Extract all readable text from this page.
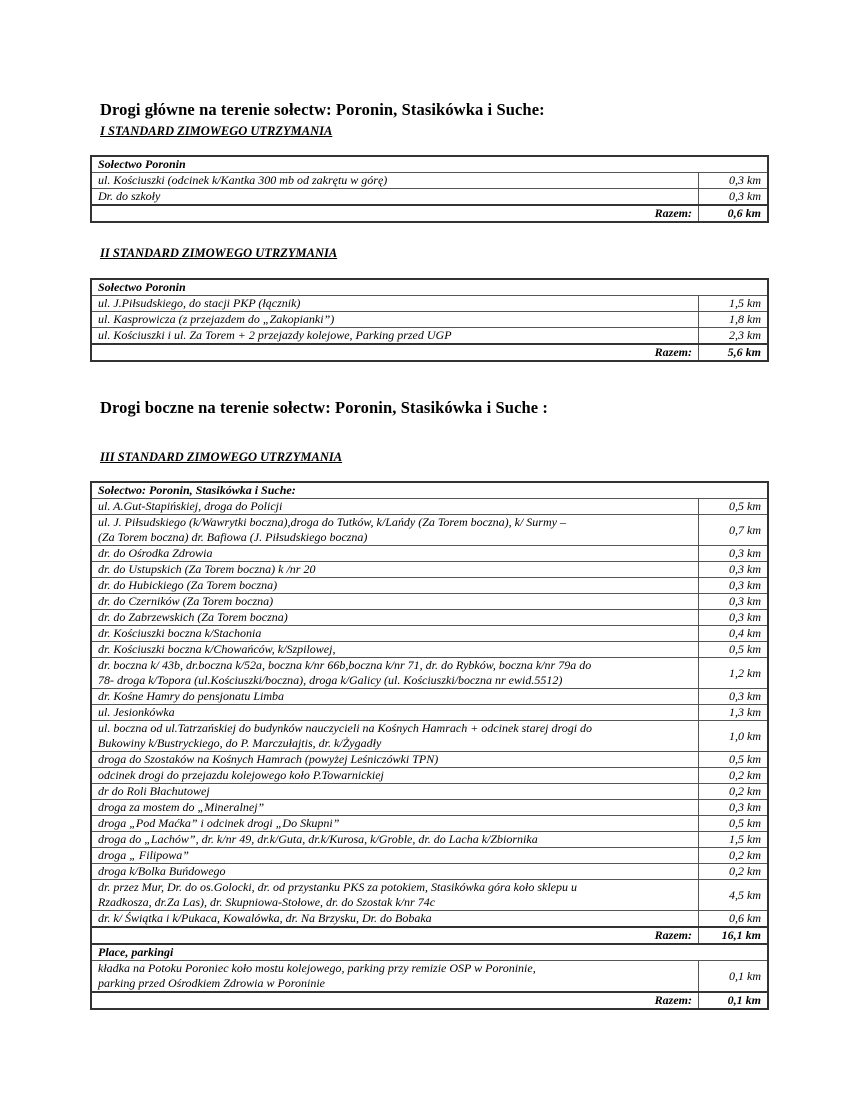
Drogi główne na terenie sołectw: Poronin, Stasikówka i Suche:
I STANDARD ZIMOWEGO UTRZYMANIA
Sołectwo Poronin	
ul. Kościuszki (odcinek k/Kantka 300 mb od zakrętu w górę)	0,3 km
Dr. do szkoły	0,3 km
Razem:	0,6 km
II STANDARD ZIMOWEGO UTRZYMANIA
Sołectwo Poronin	
ul. J.Piłsudskiego, do stacji PKP (łącznik)	1,5 km
ul. Kasprowicza (z przejazdem do „Zakopianki”)	1,8 km
ul. Kościuszki i ul. Za Torem + 2 przejazdy kolejowe, Parking przed UGP	2,3 km
Razem:	5,6 km
Drogi boczne na terenie sołectw: Poronin, Stasikówka i Suche :
III STANDARD ZIMOWEGO UTRZYMANIA
Sołectwo: Poronin, Stasikówka i Suche:	
ul. A.Gut-Stapińskiej, droga do Policji	0,5 km
ul. J. Piłsudskiego (k/Wawrytki boczna),droga do Tutków, k/Lańdy (Za Torem boczna), k/ Surmy –
(Za Torem boczna) dr. Bafiowa (J. Piłsudskiego boczna)	0,7 km
dr. do Ośrodka Zdrowia	0,3 km
dr. do Ustupskich (Za Torem boczna) k /nr 20	0,3 km
dr. do Hubickiego (Za Torem boczna)	0,3 km
dr. do Czerników (Za Torem boczna)	0,3 km
dr. do Zabrzewskich (Za Torem boczna)	0,3 km
dr. Kościuszki boczna k/Stachonia	0,4 km
dr. Kościuszki boczna k/Chowańców, k/Szpilowej,	0,5 km
dr. boczna k/ 43b, dr.boczna k/52a, boczna k/nr 66b,boczna k/nr 71, dr. do Rybków, boczna k/nr 79a do
78- droga k/Topora (ul.Kościuszki/boczna), droga k/Galicy (ul. Kościuszki/boczna nr ewid.5512)	1,2 km
dr. Kośne Hamry do pensjonatu Limba	0,3 km
ul. Jesionkówka	1,3 km
ul. boczna od ul.Tatrzańskiej do budynków nauczycieli na Kośnych Hamrach + odcinek starej drogi do
Bukowiny k/Bustryckiego, do P. Marczułajtis, dr. k/Żygadły	1,0 km
droga do Szostaków na Kośnych Hamrach (powyżej Leśniczówki TPN)	0,5 km
odcinek drogi do przejazdu kolejowego koło P.Towarnickiej	0,2 km
dr do Roli Błachutowej	0,2 km
droga za mostem do „Mineralnej”	0,3 km
droga „Pod Maćka” i odcinek drogi „Do Skupni”	0,5 km
droga do „Lachów”, dr. k/nr 49, dr.k/Guta, dr.k/Kurosa, k/Groble, dr. do Lacha k/Zbiornika	1,5 km
droga „ Filipowa”	0,2 km
droga k/Bolka Buńdowego	0,2 km
dr. przez Mur, Dr. do os.Golocki, dr. od przystanku PKS za potokiem, Stasikówka góra koło sklepu u
Rzadkosza, dr.Za Las), dr. Skupniowa-Stołowe, dr. do Szostak k/nr 74c	4,5 km
dr. k/ Świątka i k/Pukaca, Kowalówka, dr. Na Brzysku, Dr. do Bobaka	0,6 km
Razem:	16,1 km
Place, parkingi	
kładka na Potoku Poroniec koło mostu kolejowego, parking przy remizie OSP w Poroninie,
parking przed Ośrodkiem Zdrowia w Poroninie	0,1 km
Razem:	0,1 km
